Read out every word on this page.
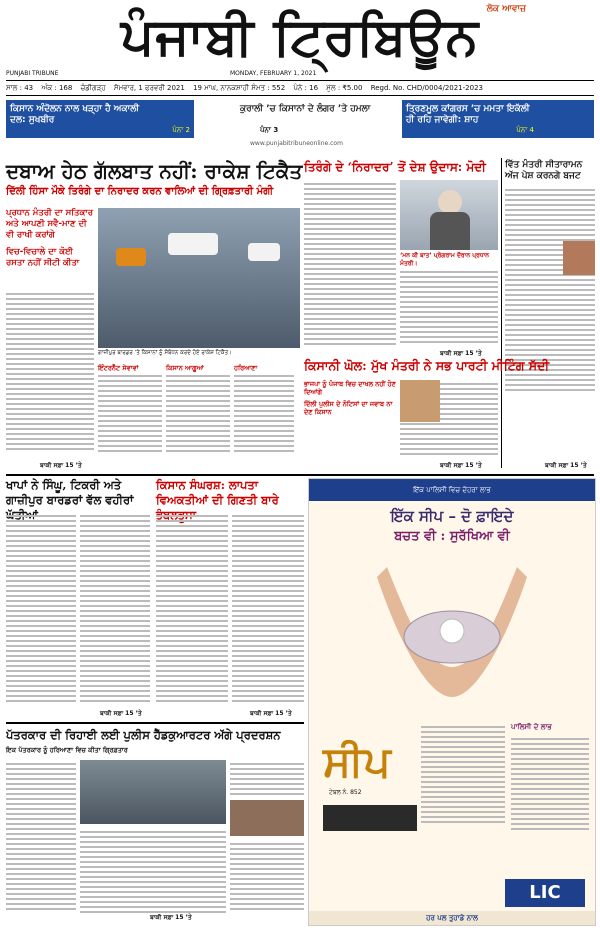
ਪੰਜਾਬੀ ਟ੍ਰਿਬਿਊਨ ਲੋਕ ਆਵਾਜ਼
PUNJABI TRIBUNE	MONDAY, FEBRUARY 1, 2021
ਸਾਲ : 43 ਅੰਕ : 168 ਚੰਡੀਗੜ੍ਹ ਸੋਮਵਾਰ, 1 ਫਰਵਰੀ 2021 19 ਮਾਘ, ਨਾਨਕਸ਼ਾਹੀ ਸੰਮਤ : 552 ਪੰਨੇ : 16 ਮੁੱਲ : ₹5.00 Regd. No. CHD/0004/2021-2023
ਕਿਸਾਨ ਅੰਦੋਲਨ ਨਾਲ ਖੜ੍ਹਾ ਹੈ ਅਕਾਲੀ ਦਲ: ਸੁਖਬੀਰ
ਪੰਨਾ 2
ਕੁਰਾਲੀ ’ਚ ਕਿਸਾਨਾਂ ਦੇ ਲੰਗਰ ’ਤੇ ਹਮਲਾ
ਪੰਨਾ 3
ਤ੍ਰਿਣਮੂਲ ਕਾਂਗਰਸ ’ਚ ਮਮਤਾ ਇਕੱਲੀ ਹੀ ਰਹਿ ਜਾਵੇਗੀ: ਸ਼ਾਹ
ਪੰਨਾ 4
www.punjabitribuneonline.com
ਦਬਾਅ ਹੇਠ ਗੱਲਬਾਤ ਨਹੀਂ: ਰਾਕੇਸ਼ ਟਿਕੈਤ
ਦਿੱਲੀ ਹਿੰਸਾ ਮੌਕੇ ਤਿਰੰਗੇ ਦਾ ਨਿਰਾਦਰ ਕਰਨ ਵਾਲਿਆਂ ਦੀ ਗ੍ਰਿਫ਼ਤਾਰੀ ਮੰਗੀ
ਪ੍ਰਧਾਨ ਮੰਤਰੀ ਦਾ ਸਤਿਕਾਰ ਅਤੇ ਆਪਣੀ ਸਵੈ-ਮਾਣ ਦੀ ਵੀ ਰਾਖੀ ਕਰਾਂਗੇ
ਵਿਚ-ਵਿਚਾਲੇ ਦਾ ਕੋਈ ਰਸਤਾ ਨਹੀਂ ਸੀਟੀ ਕੀਤਾ
ਬਾਕੀ ਸਫ਼ਾ 15 ’ਤੇ
ਗਾਜ਼ੀਪੁਰ ਬਾਰਡਰ ’ਤੇ ਕਿਸਾਨਾਂ ਨੂੰ ਸੰਬੋਧਨ ਕਰਦੇ ਹੋਏ ਰਾਕੇਸ਼ ਟਿਕੈਤ।
ਇੰਟਰਨੈੱਟ ਸੇਵਾਵਾਂ	ਕਿਸਾਨ ਆਗੂਆਂ	ਹਰਿਆਣਾ
ਤਿਰੰਗੇ ਦੇ ‘ਨਿਰਾਦਰ’ ਤੋਂ ਦੇਸ਼ ਉਦਾਸ: ਮੋਦੀ
‘ਮਨ ਕੀ ਬਾਤ’ ਪ੍ਰੋਗਰਾਮ ਦੌਰਾਨ ਪ੍ਰਧਾਨ ਮੰਤਰੀ।
ਬਾਕੀ ਸਫ਼ਾ 15 ’ਤੇ
ਵਿੱਤ ਮੰਤਰੀ ਸੀਤਾਰਾਮਨ ਅੱਜ ਪੇਸ਼ ਕਰਨਗੇ ਬਜਟ
ਬਾਕੀ ਸਫ਼ਾ 15 ’ਤੇ
ਕਿਸਾਨੀ ਘੋਲ: ਮੁੱਖ ਮੰਤਰੀ ਨੇ ਸਭ ਪਾਰਟੀ ਮੀਟਿੰਗ ਸੱਦੀ
ਭਾਜਪਾ ਨੂੰ ਪੰਜਾਬ ਵਿਚ ਦਾਖਲ ਨਹੀਂ ਹੋਣ ਦਿਆਂਗੇ
ਦਿੱਲੀ ਪੁਲੀਸ ਦੇ ਨੋਟਿਸਾਂ ਦਾ ਜਵਾਬ ਨਾ ਦੇਣ ਕਿਸਾਨ
ਬਾਕੀ ਸਫ਼ਾ 15 ’ਤੇ
ਖਾਪਾਂ ਨੇ ਸਿੰਘੂ, ਟਿਕਰੀ ਅਤੇ ਗਾਜ਼ੀਪੁਰ ਬਾਰਡਰਾਂ ਵੱਲ ਵਹੀਰਾਂ
ਬਾਕੀ ਸਫ਼ਾ 15 ’ਤੇ
ਕਿਸਾਨ ਸੰਘਰਸ਼: ਲਾਪਤਾ ਵਿਅਕਤੀਆਂ ਦੀ ਗਿਣਤੀ ਬਾਰੇ
ਬਾਕੀ ਸਫ਼ਾ 15 ’ਤੇ
ਪੱਤਰਕਾਰ ਦੀ ਰਿਹਾਈ ਲਈ ਪੁਲੀਸ ਹੈੱਡਕੁਆਰਟਰ ਅੱਗੇ ਪ੍ਰਦਰਸ਼ਨ
ਇਕ ਪੱਤਰਕਾਰ ਨੂੰ ਹਰਿਆਣਾ ਵਿਚ ਕੀਤਾ ਗ੍ਰਿਫ਼ਤਾਰ
ਬਾਕੀ ਸਫ਼ਾ 15 ’ਤੇ
ਇੱਕ ਪਾਲਿਸੀ ਵਿਚ ਦੋਹਰਾ ਲਾਭ
ਇੱਕ ਸੀਪ – ਦੋ ਫ਼ਾਇਦੇ
ਬਚਤ ਵੀ : ਸੁਰੱਖਿਆ ਵੀ
ਸੀਪ
ਟੇਬਲ ਨੰ. 852
ਪਾਲਿਸੀ ਦੇ ਲਾਭ
LIC
ਹਰ ਪਲ ਤੁਹਾਡੇ ਨਾਲ
